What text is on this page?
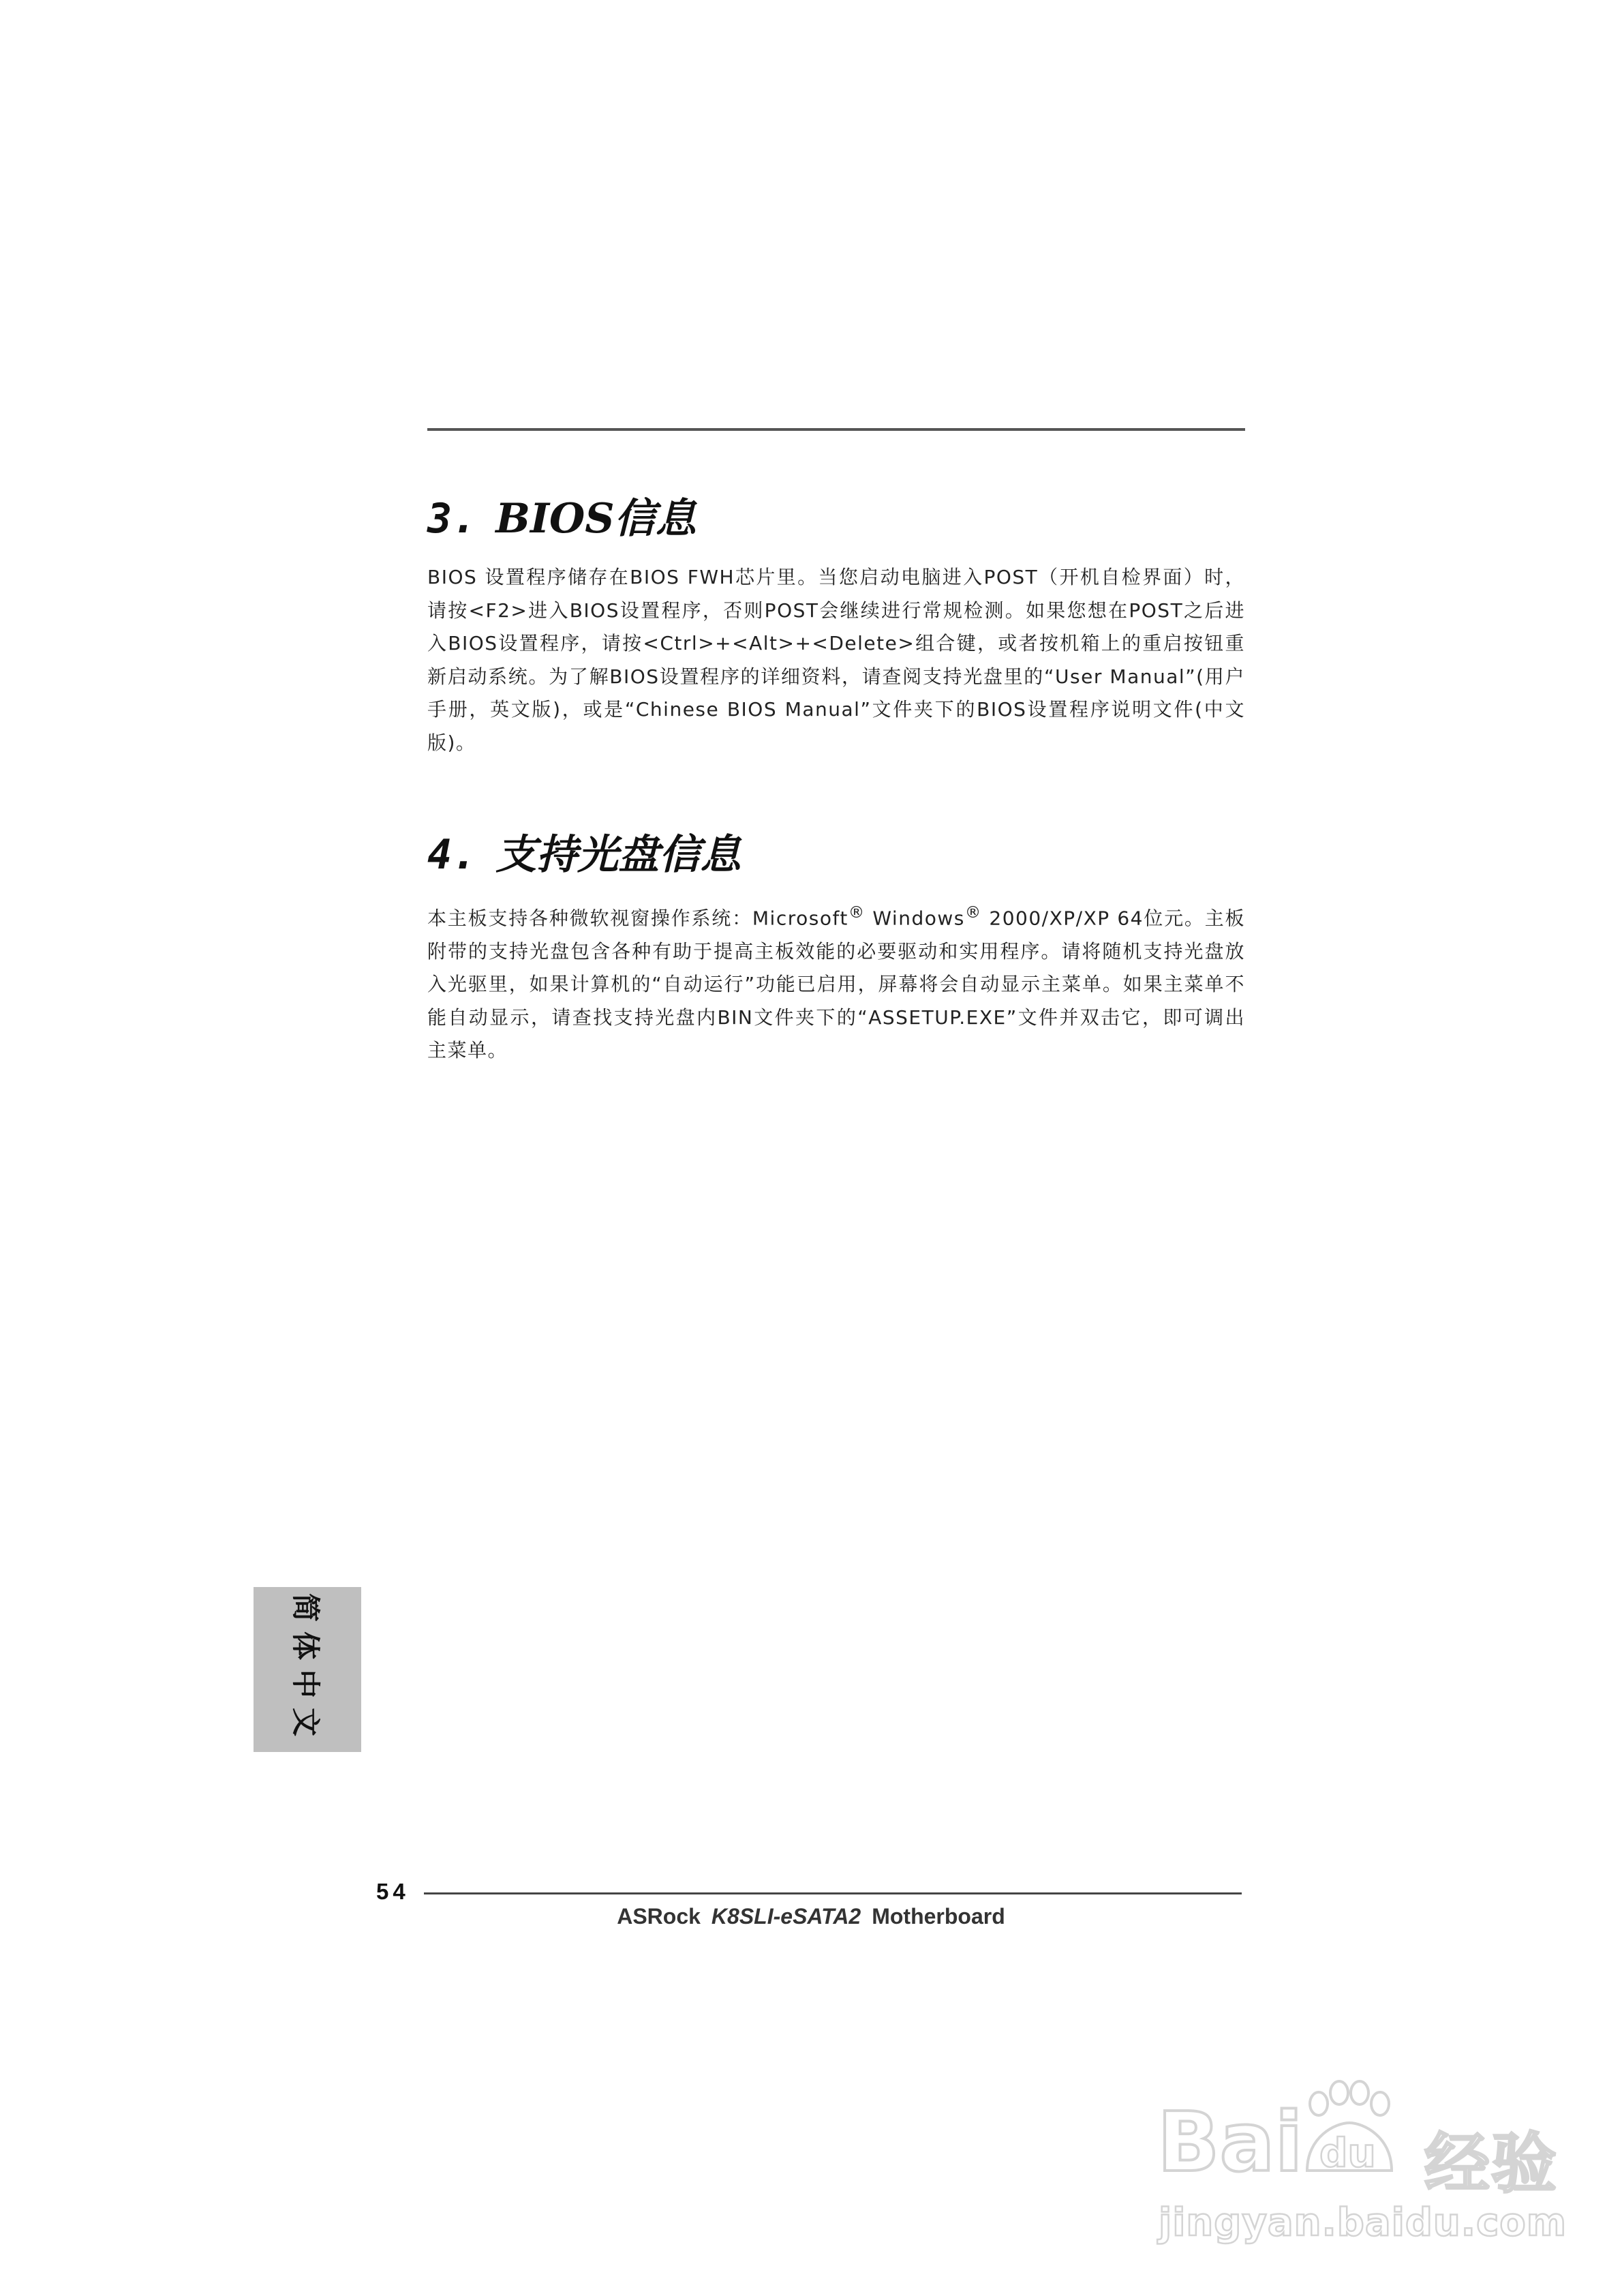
3. BIOS信息

BIOS 设置程序储存在BIOS FWH芯片里。当您启动电脑进入POST（开机自检界面）时，请按<F2>进入BIOS设置程序，否则POST会继续进行常规检测。如果您想在POST之后进入BIOS设置程序，请按<Ctrl>+<Alt>+<Delete>组合键，或者按机箱上的重启按钮重新启动系统。为了解BIOS设置程序的详细资料，请查阅支持光盘里的“User Manual”(用户手册，英文版)，或是“Chinese BIOS Manual”文件夹下的BIOS设置程序说明文件(中文版)。

4. 支持光盘信息

本主板支持各种微软视窗操作系统：Microsoft® Windows® 2000/XP/XP 64位元。主板附带的支持光盘包含各种有助于提高主板效能的必要驱动和实用程序。请将随机支持光盘放入光驱里，如果计算机的“自动运行”功能已启用，屏幕将会自动显示主菜单。如果主菜单不能自动显示，请查找支持光盘内BIN文件夹下的“ASSETUP.EXE”文件并双击它，即可调出主菜单。

简体中文
54
ASRock K8SLI-eSATA2 Motherboard
Bai du 经验
jingyan.baidu.com
